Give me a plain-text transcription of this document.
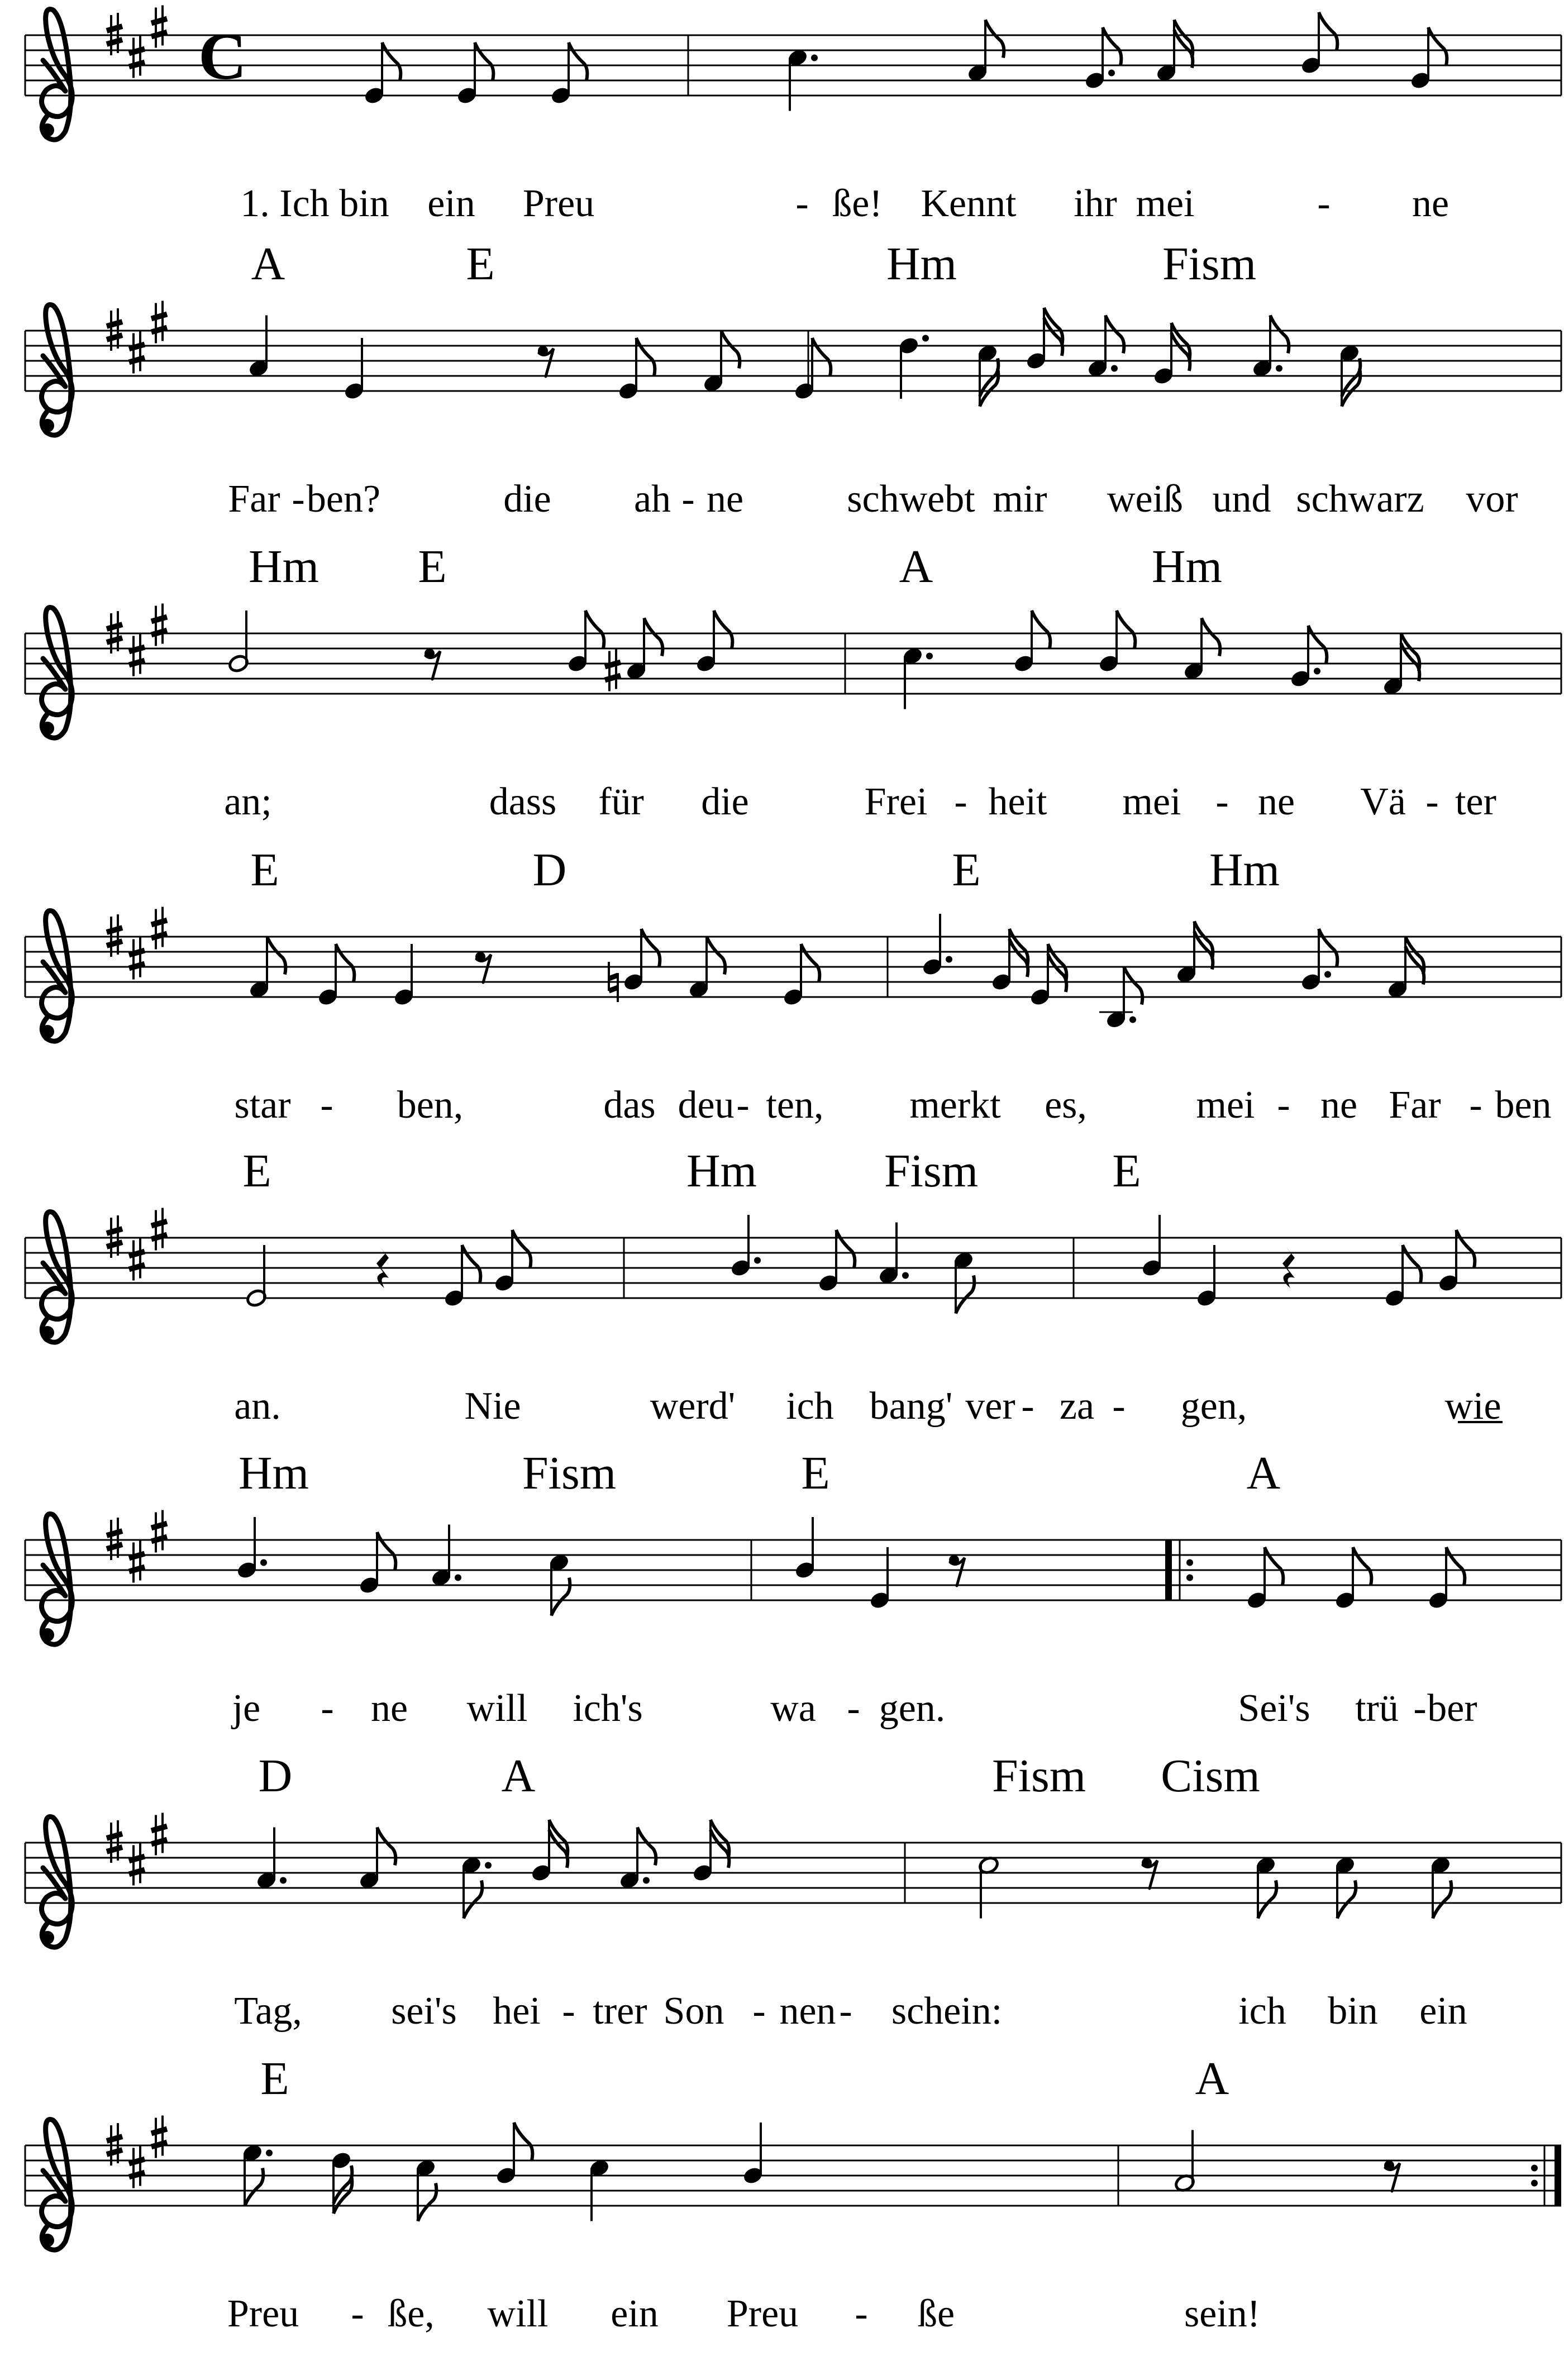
C
1. Ich bin ein Preu	- ße! Kennt ihr mei	- ne
A	E	Hm	Fism
Far - ben?	die ah - ne	schwebt mir weiß und schwarz vor
Hm E	A	Hm
an;	dass für die	Frei - heit mei - ne Vä - ter
E	D	E	Hm
star - ben,	das deu - ten, merkt es,	mei - ne Far - ben
E	Hm	Fism	E
an.	Nie	werd' ich bang' ver - za - gen,	wie
Hm	Fism	E	A
je - ne will ich's	wa - gen.	Sei's trü - ber
D	A	Fism Cism
Tag, sei's hei - trer Son - nen - schein:	ich bin ein
E	A
Preu - ße, will ein Preu - ße	sein!
